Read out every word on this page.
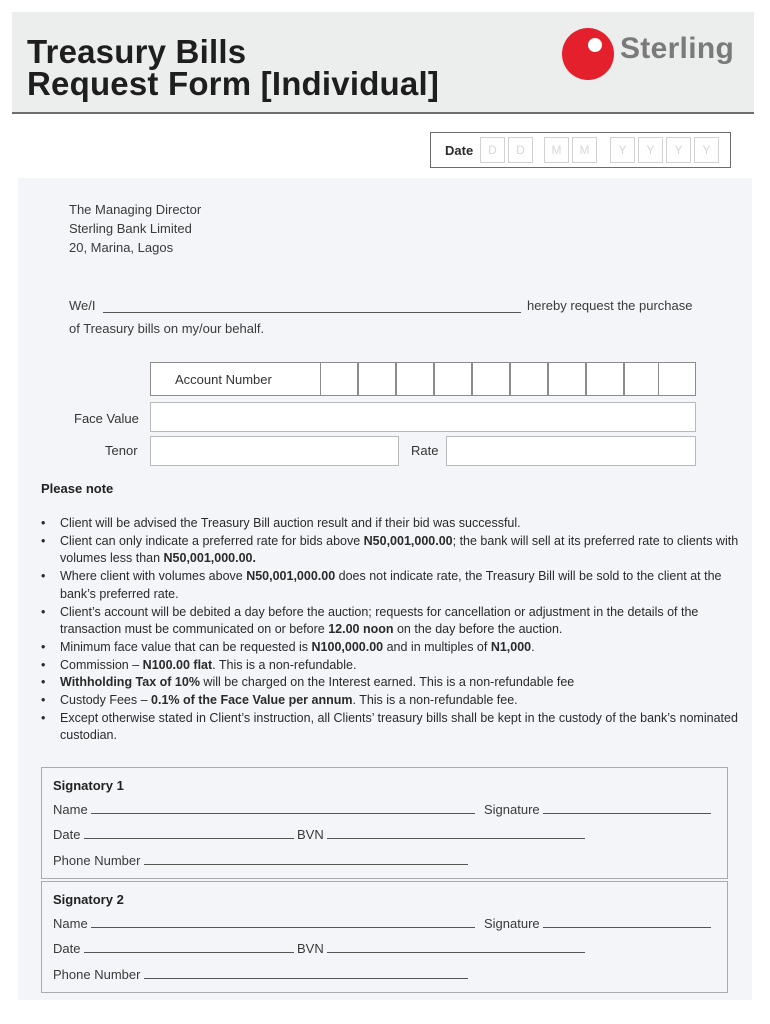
Treasury Bills
Request Form [Individual]
Sterling
Date	D	D	M	M	Y	Y	Y	Y
The Managing Director
Sterling Bank Limited
20, Marina, Lagos
We/I	hereby request the purchase
of Treasury bills on my/our behalf.
Account Number
Face Value
Tenor	Rate
Please note
• Client will be advised the Treasury Bill auction result and if their bid was successful.
• Client can only indicate a preferred rate for bids above N50,001,000.00; the bank will sell at its preferred rate to clients with volumes less than N50,001,000.00.
• Where client with volumes above N50,001,000.00 does not indicate rate, the Treasury Bill will be sold to the client at the bank’s preferred rate.
• Client’s account will be debited a day before the auction; requests for cancellation or adjustment in the details of the transaction must be communicated on or before 12.00 noon on the day before the auction.
• Minimum face value that can be requested is N100,000.00 and in multiples of N1,000.
• Commission – N100.00 flat. This is a non-refundable.
• Withholding Tax of 10% will be charged on the Interest earned. This is a non-refundable fee
• Custody Fees – 0.1% of the Face Value per annum. This is a non-refundable fee.
• Except otherwise stated in Client’s instruction, all Clients’ treasury bills shall be kept in the custody of the bank’s nominated custodian.
Signatory 1
Name	Signature
Date	BVN
Phone Number
Signatory 2
Name	Signature
Date	BVN
Phone Number
